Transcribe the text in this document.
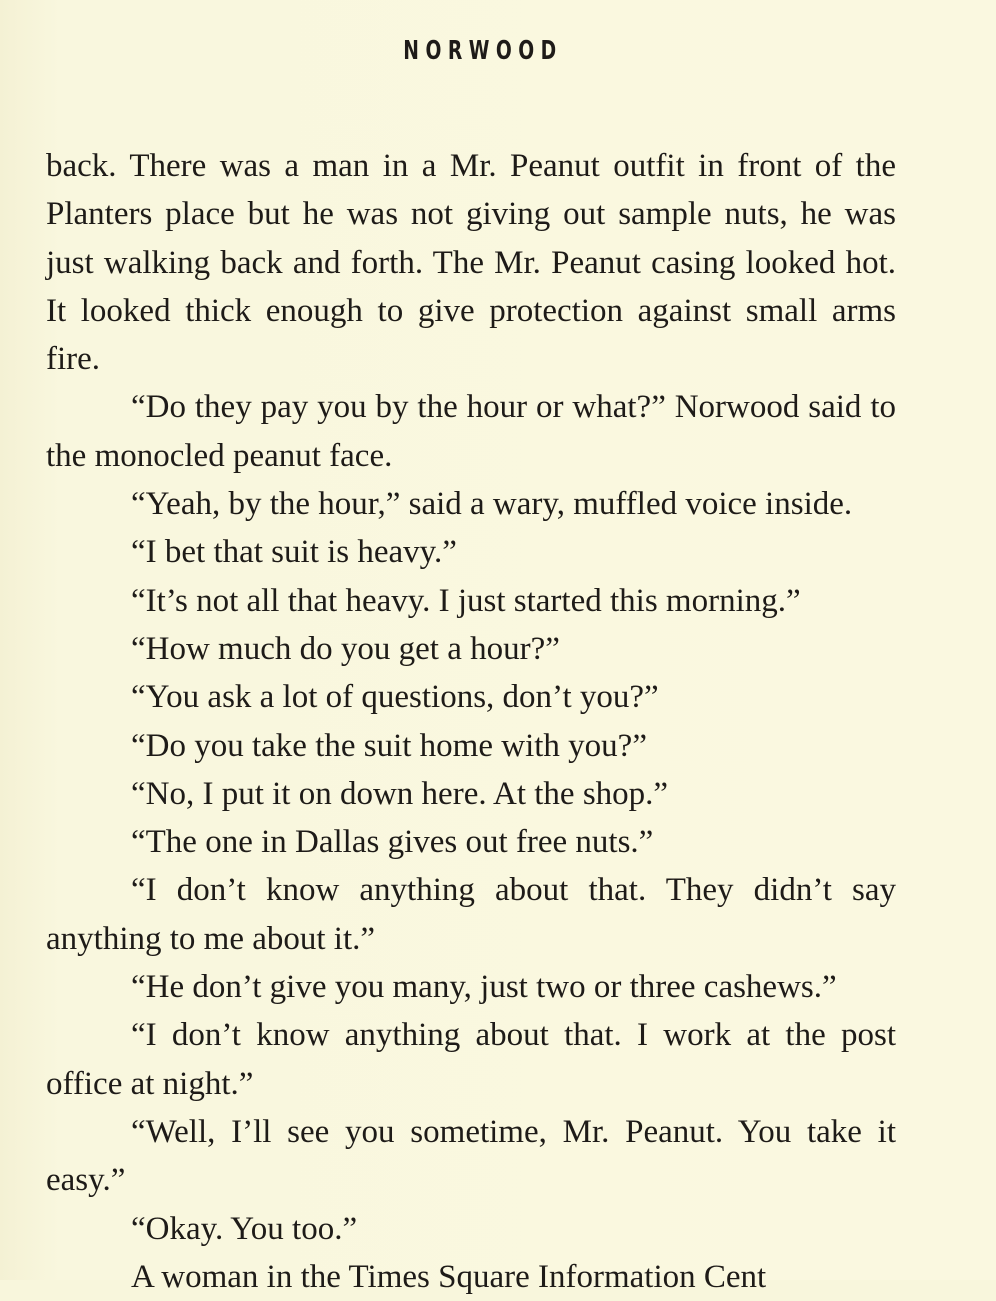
NORWOOD

back. There was a man in a Mr. Peanut outfit in front of the Planters place but he was not giving out sample nuts, he was just walking back and forth. The Mr. Peanut casing looked hot. It looked thick enough to give protection against small arms fire.

“Do they pay you by the hour or what?” Norwood said to the monocled peanut face.

“Yeah, by the hour,” said a wary, muffled voice inside.

“I bet that suit is heavy.”

“It’s not all that heavy. I just started this morning.”

“How much do you get a hour?”

“You ask a lot of questions, don’t you?”

“Do you take the suit home with you?”

“No, I put it on down here. At the shop.”

“The one in Dallas gives out free nuts.”

“I don’t know anything about that. They didn’t say anything to me about it.”

“He don’t give you many, just two or three cashews.”

“I don’t know anything about that. I work at the post office at night.”

“Well, I’ll see you sometime, Mr. Peanut. You take it easy.”

“Okay. You too.”

A woman in the Times Square Information Cent
